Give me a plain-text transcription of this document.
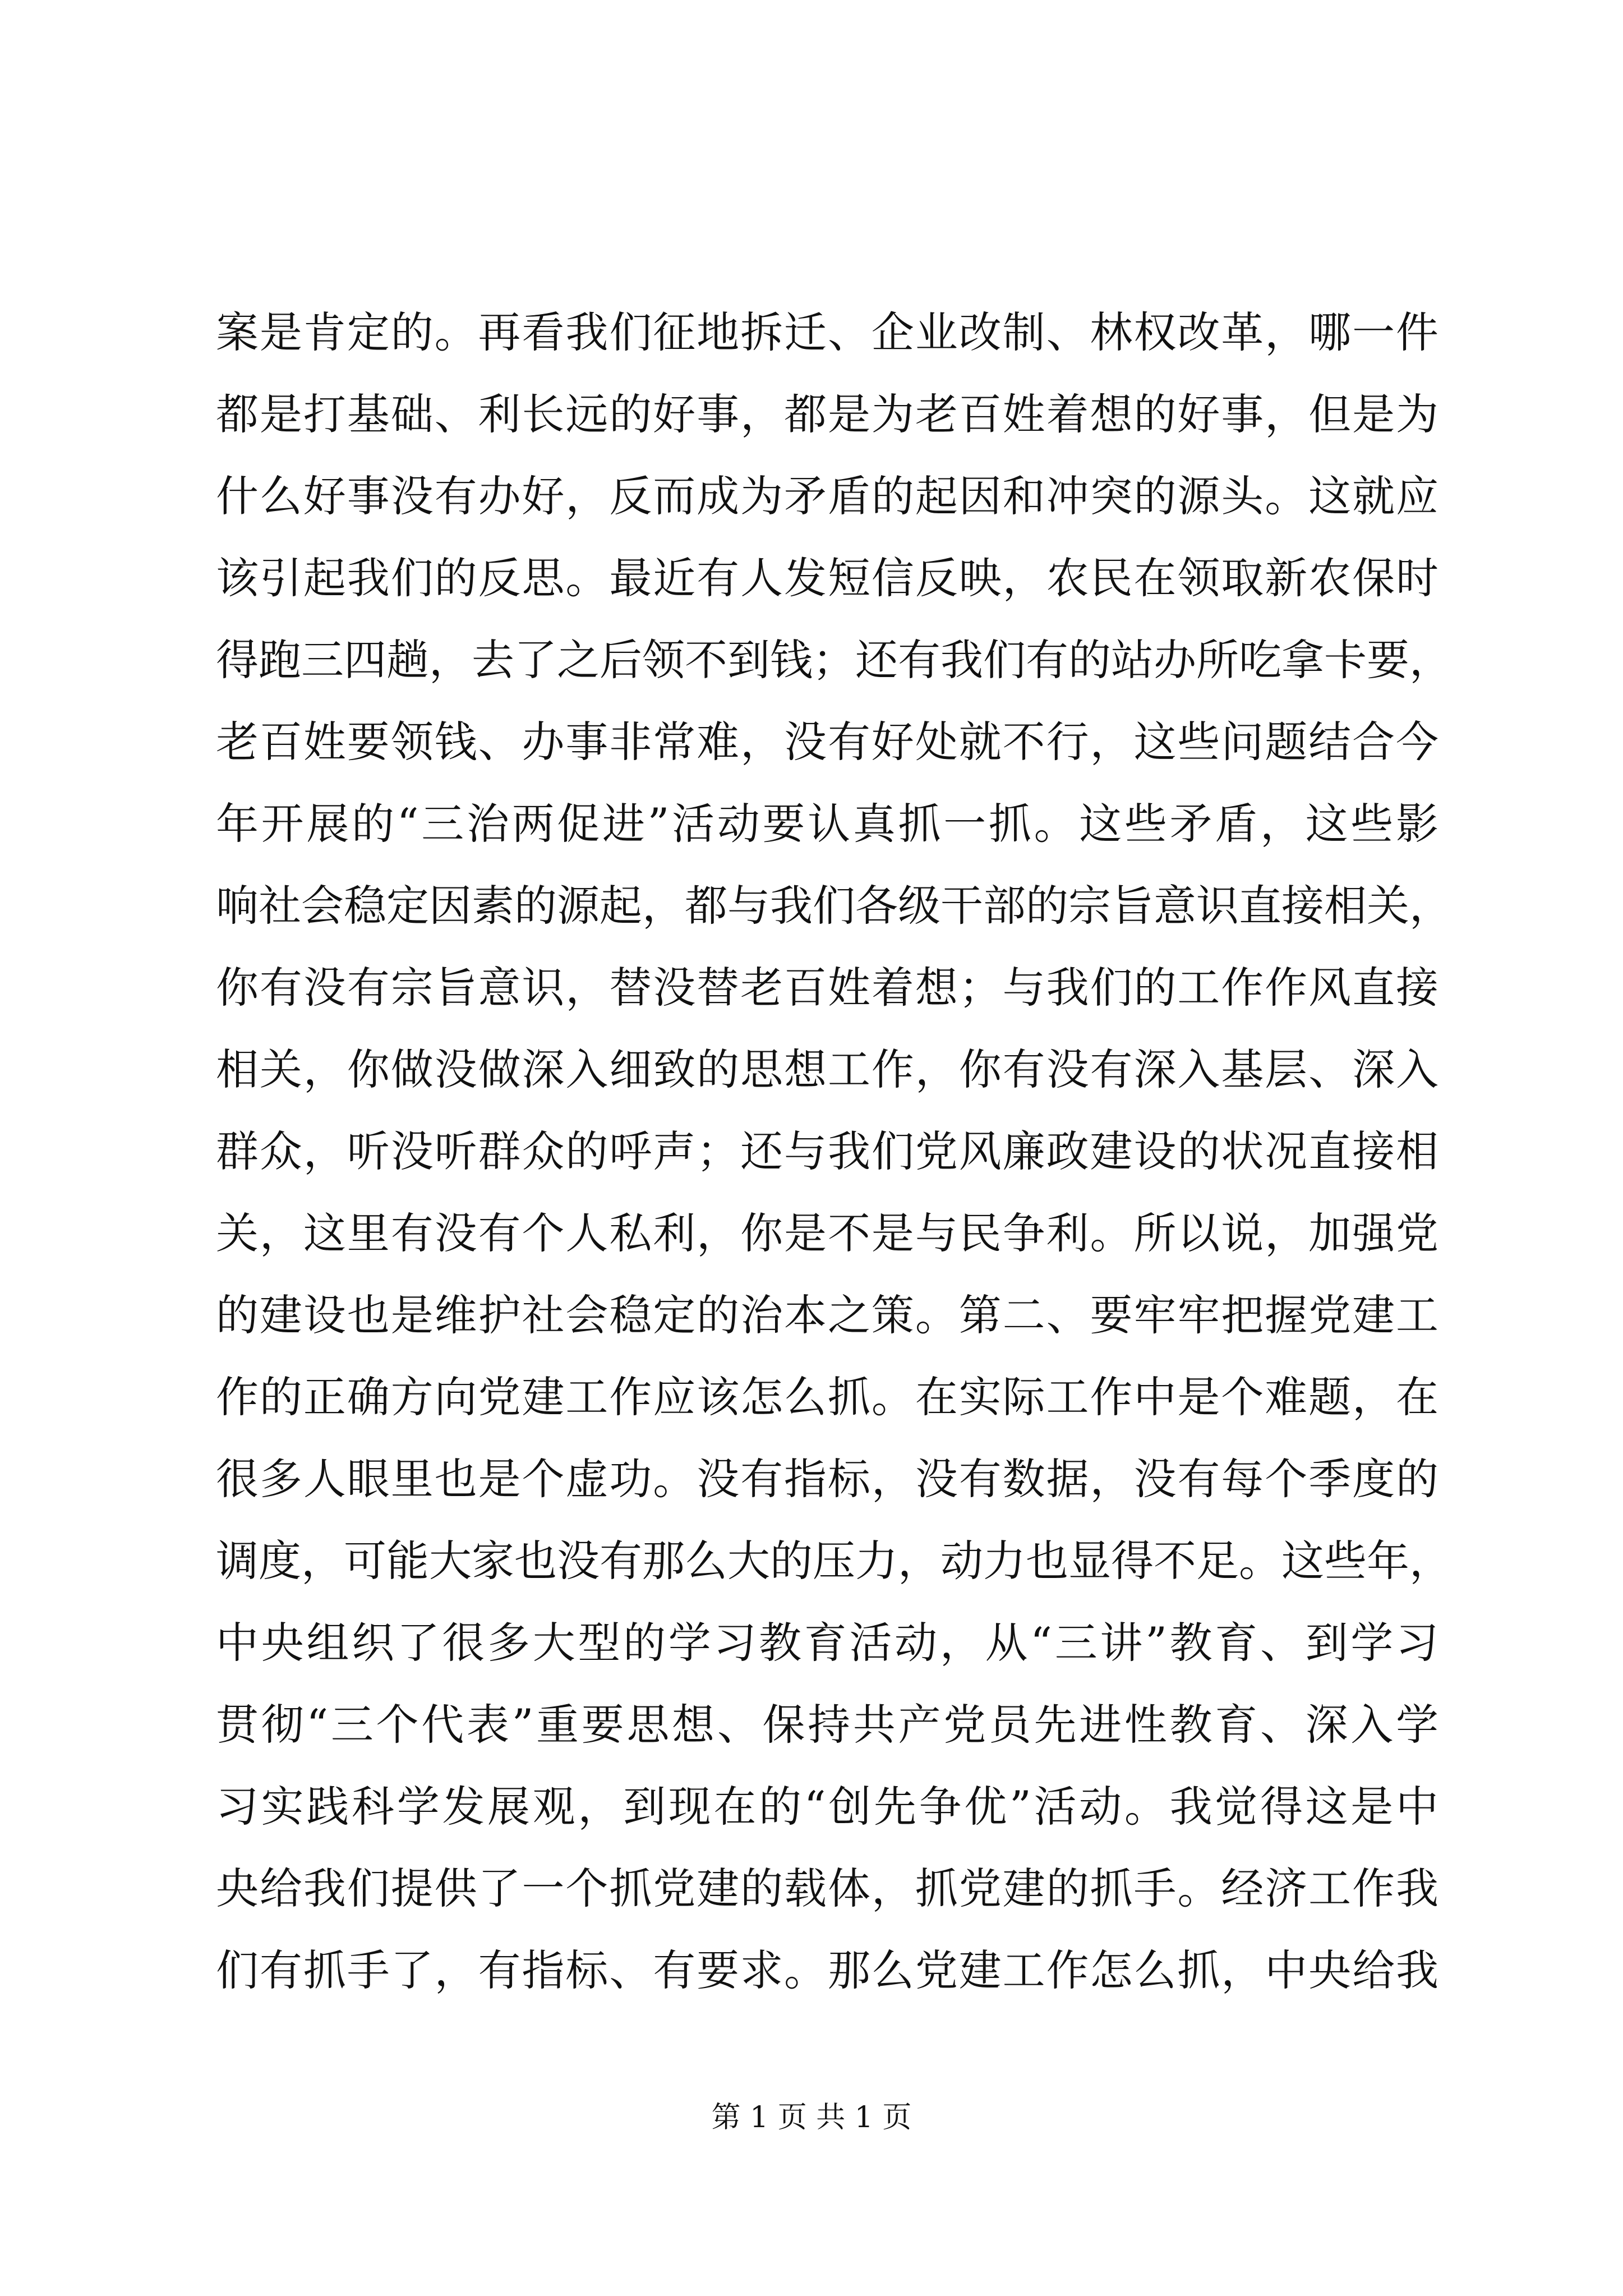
案是肯定的。再看我们征地拆迁、企业改制、林权改革，哪一件
都是打基础、利长远的好事，都是为老百姓着想的好事，但是为
什么好事没有办好，反而成为矛盾的起因和冲突的源头。这就应
该引起我们的反思。最近有人发短信反映，农民在领取新农保时
得跑三四趟，去了之后领不到钱；还有我们有的站办所吃拿卡要，
老百姓要领钱、办事非常难，没有好处就不行，这些问题结合今
年开展的“三治两促进”活动要认真抓一抓。这些矛盾，这些影
响社会稳定因素的源起，都与我们各级干部的宗旨意识直接相关，
你有没有宗旨意识，替没替老百姓着想；与我们的工作作风直接
相关，你做没做深入细致的思想工作，你有没有深入基层、深入
群众，听没听群众的呼声；还与我们党风廉政建设的状况直接相
关，这里有没有个人私利，你是不是与民争利。所以说，加强党
的建设也是维护社会稳定的治本之策。第二、要牢牢把握党建工
作的正确方向党建工作应该怎么抓。在实际工作中是个难题，在
很多人眼里也是个虚功。没有指标，没有数据，没有每个季度的
调度，可能大家也没有那么大的压力，动力也显得不足。这些年，
中央组织了很多大型的学习教育活动，从“三讲”教育、到学习
贯彻“三个代表”重要思想、保持共产党员先进性教育、深入学
习实践科学发展观，到现在的“创先争优”活动。我觉得这是中
央给我们提供了一个抓党建的载体，抓党建的抓手。经济工作我
们有抓手了，有指标、有要求。那么党建工作怎么抓，中央给我
第 1 页 共 1 页
